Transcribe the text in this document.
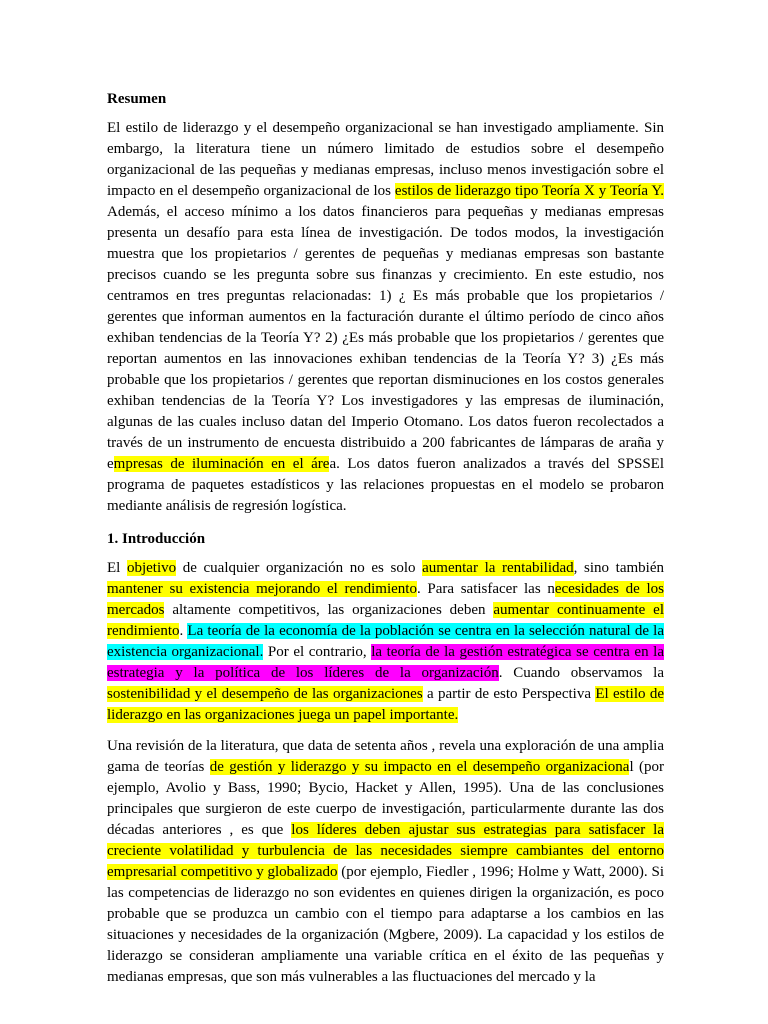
Resumen

El estilo de liderazgo y el desempeño organizacional se han investigado ampliamente. Sin embargo, la literatura tiene un número limitado de estudios sobre el desempeño organizacional de las pequeñas y medianas empresas, incluso menos investigación sobre el impacto en el desempeño organizacional de los estilos de liderazgo tipo Teoría X y Teoría Y. Además, el acceso mínimo a los datos financieros para pequeñas y medianas empresas presenta un desafío para esta línea de investigación. De todos modos, la investigación muestra que los propietarios / gerentes de pequeñas y medianas empresas son bastante precisos cuando se les pregunta sobre sus finanzas y crecimiento. En este estudio, nos centramos en tres preguntas relacionadas: 1) ¿ Es más probable que los propietarios / gerentes que informan aumentos en la facturación durante el último período de cinco años exhiban tendencias de la Teoría Y? 2) ¿Es más probable que los propietarios / gerentes que reportan aumentos en las innovaciones exhiban tendencias de la Teoría Y? 3) ¿Es más probable que los propietarios / gerentes que reportan disminuciones en los costos generales exhiban tendencias de la Teoría Y? Los investigadores y las empresas de iluminación, algunas de las cuales incluso datan del Imperio Otomano. Los datos fueron recolectados a través de un instrumento de encuesta distribuido a 200 fabricantes de lámparas de araña y empresas de iluminación en el área. Los datos fueron analizados a través del SPSSEl programa de paquetes estadísticos y las relaciones propuestas en el modelo se probaron mediante análisis de regresión logística.

1. Introducción

El objetivo de cualquier organización no es solo aumentar la rentabilidad, sino también mantener su existencia mejorando el rendimiento. Para satisfacer las necesidades de los mercados altamente competitivos, las organizaciones deben aumentar continuamente el rendimiento. La teoría de la economía de la población se centra en la selección natural de la existencia organizacional. Por el contrario, la teoría de la gestión estratégica se centra en la estrategia y la política de los líderes de la organización. Cuando observamos la sostenibilidad y el desempeño de las organizaciones a partir de esto Perspectiva El estilo de liderazgo en las organizaciones juega un papel importante.

Una revisión de la literatura, que data de setenta años , revela una exploración de una amplia gama de teorías de gestión y liderazgo y su impacto en el desempeño organizacional (por ejemplo, Avolio y Bass, 1990; Bycio, Hacket y Allen, 1995). Una de las conclusiones principales que surgieron de este cuerpo de investigación, particularmente durante las dos décadas anteriores , es que los líderes deben ajustar sus estrategias para satisfacer la creciente volatilidad y turbulencia de las necesidades siempre cambiantes del entorno empresarial competitivo y globalizado (por ejemplo, Fiedler , 1996; Holme y Watt, 2000). Si las competencias de liderazgo no son evidentes en quienes dirigen la organización, es poco probable que se produzca un cambio con el tiempo para adaptarse a los cambios en las situaciones y necesidades de la organización (Mgbere, 2009). La capacidad y los estilos de liderazgo se consideran ampliamente una variable crítica en el éxito de las pequeñas y medianas empresas, que son más vulnerables a las fluctuaciones del mercado y la
